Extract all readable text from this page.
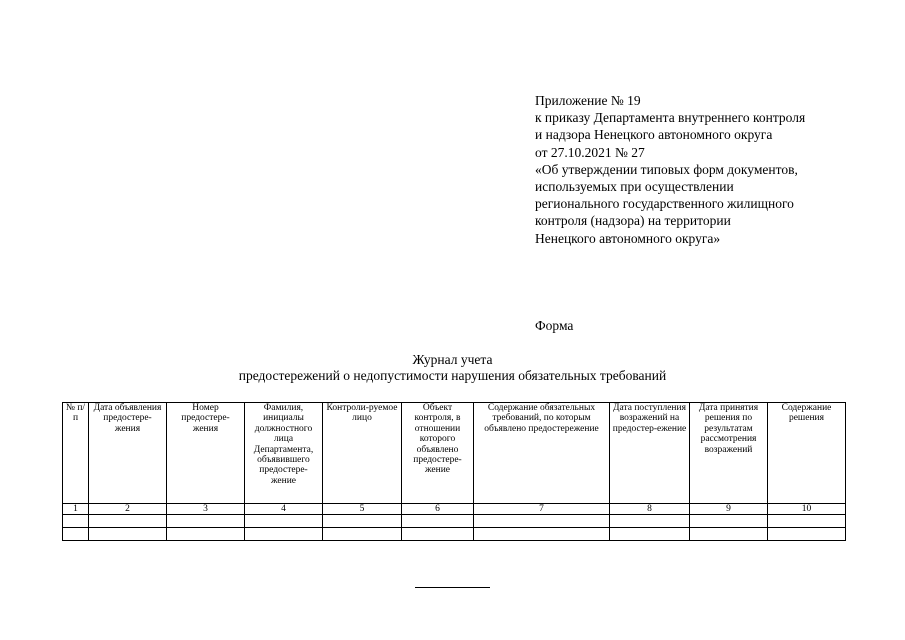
Приложение № 19
к приказу Департамента внутреннего контроля
и надзора Ненецкого автономного округа
от 27.10.2021 № 27
«Об утверждении типовых форм документов,
используемых при осуществлении
регионального государственного жилищного
контроля (надзора) на территории
Ненецкого автономного округа»
Форма
Журнал учета
предостережений о недопустимости нарушения обязательных требований
№ п/п	Дата объявления предостере-жения	Номер предостере-жения	Фамилия, инициалы должностного лица Департамента, объявившего предостере-жение	Контроли-руемое лицо	Объект контроля, в отношении которого объявлено предостере-жение	Содержание обязательных требований, по которым объявлено предостережение	Дата поступления возражений на предостер-ежение	Дата принятия решения по результатам рассмотрения возражений	Содержание решения
1	2	3	4	5	6	7	8	9	10
